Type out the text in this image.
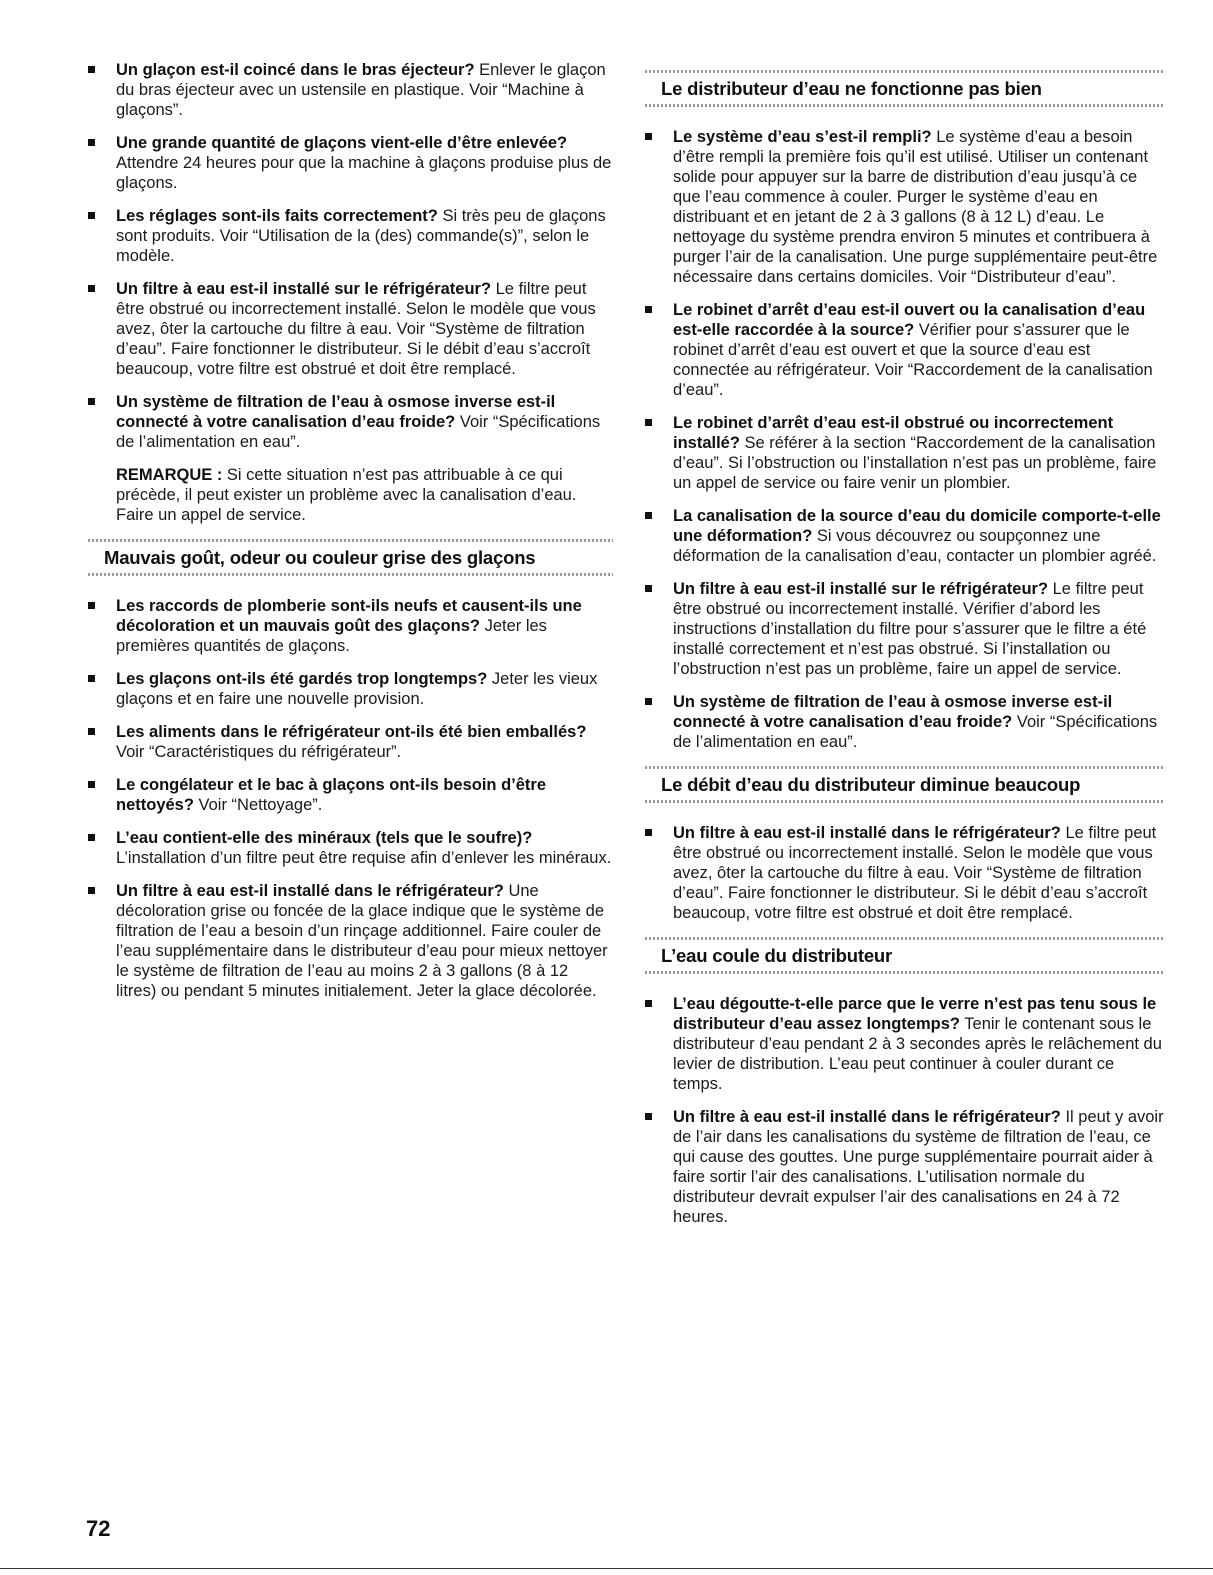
Un glaçon est-il coincé dans le bras éjecteur? Enlever le glaçon du bras éjecteur avec un ustensile en plastique. Voir “Machine à glaçons”.
Une grande quantité de glaçons vient-elle d’être enlevée? Attendre 24 heures pour que la machine à glaçons produise plus de glaçons.
Les réglages sont-ils faits correctement? Si très peu de glaçons sont produits. Voir “Utilisation de la (des) commande(s)”, selon le modèle.
Un filtre à eau est-il installé sur le réfrigérateur? Le filtre peut être obstrué ou incorrectement installé. Selon le modèle que vous avez, ôter la cartouche du filtre à eau. Voir “Système de filtration d’eau”. Faire fonctionner le distributeur. Si le débit d’eau s’accroît beaucoup, votre filtre est obstrué et doit être remplacé.
Un système de filtration de l’eau à osmose inverse est-il connecté à votre canalisation d’eau froide? Voir “Spécifications de l’alimentation en eau”.
REMARQUE : Si cette situation n’est pas attribuable à ce qui précède, il peut exister un problème avec la canalisation d’eau. Faire un appel de service.
Mauvais goût, odeur ou couleur grise des glaçons
Les raccords de plomberie sont-ils neufs et causent-ils une décoloration et un mauvais goût des glaçons? Jeter les premières quantités de glaçons.
Les glaçons ont-ils été gardés trop longtemps? Jeter les vieux glaçons et en faire une nouvelle provision.
Les aliments dans le réfrigérateur ont-ils été bien emballés? Voir “Caractéristiques du réfrigérateur”.
Le congélateur et le bac à glaçons ont-ils besoin d’être nettoyés? Voir “Nettoyage”.
L’eau contient-elle des minéraux (tels que le soufre)? L’installation d’un filtre peut être requise afin d’enlever les minéraux.
Un filtre à eau est-il installé dans le réfrigérateur? Une décoloration grise ou foncée de la glace indique que le système de filtration de l’eau a besoin d’un rinçage additionnel. Faire couler de l’eau supplémentaire dans le distributeur d’eau pour mieux nettoyer le système de filtration de l’eau au moins 2 à 3 gallons (8 à 12 litres) ou pendant 5 minutes initialement. Jeter la glace décolorée.
Le distributeur d’eau ne fonctionne pas bien
Le système d’eau s’est-il rempli? Le système d’eau a besoin d’être rempli la première fois qu’il est utilisé. Utiliser un contenant solide pour appuyer sur la barre de distribution d’eau jusqu’à ce que l’eau commence à couler. Purger le système d’eau en distribuant et en jetant de 2 à 3 gallons (8 à 12 L) d’eau. Le nettoyage du système prendra environ 5 minutes et contribuera à purger l’air de la canalisation. Une purge supplémentaire peut-être nécessaire dans certains domiciles. Voir “Distributeur d’eau”.
Le robinet d’arrêt d’eau est-il ouvert ou la canalisation d’eau est-elle raccordée à la source? Vérifier pour s’assurer que le robinet d’arrêt d’eau est ouvert et que la source d’eau est connectée au réfrigérateur. Voir “Raccordement de la canalisation d’eau”.
Le robinet d’arrêt d’eau est-il obstrué ou incorrectement installé? Se référer à la section “Raccordement de la canalisation d’eau”. Si l’obstruction ou l’installation n’est pas un problème, faire un appel de service ou faire venir un plombier.
La canalisation de la source d’eau du domicile comporte-t-elle une déformation? Si vous découvrez ou soupçonnez une déformation de la canalisation d’eau, contacter un plombier agréé.
Un filtre à eau est-il installé sur le réfrigérateur? Le filtre peut être obstrué ou incorrectement installé. Vérifier d’abord les instructions d’installation du filtre pour s’assurer que le filtre a été installé correctement et n’est pas obstrué. Si l’installation ou l’obstruction n’est pas un problème, faire un appel de service.
Un système de filtration de l’eau à osmose inverse est-il connecté à votre canalisation d’eau froide? Voir “Spécifications de l’alimentation en eau”.
Le débit d’eau du distributeur diminue beaucoup
Un filtre à eau est-il installé dans le réfrigérateur? Le filtre peut être obstrué ou incorrectement installé. Selon le modèle que vous avez, ôter la cartouche du filtre à eau. Voir “Système de filtration d’eau”. Faire fonctionner le distributeur. Si le débit d’eau s’accroît beaucoup, votre filtre est obstrué et doit être remplacé.
L’eau coule du distributeur
L’eau dégoutte-t-elle parce que le verre n’est pas tenu sous le distributeur d’eau assez longtemps? Tenir le contenant sous le distributeur d’eau pendant 2 à 3 secondes après le relâchement du levier de distribution. L’eau peut continuer à couler durant ce temps.
Un filtre à eau est-il installé dans le réfrigérateur? Il peut y avoir de l’air dans les canalisations du système de filtration de l’eau, ce qui cause des gouttes. Une purge supplémentaire pourrait aider à faire sortir l’air des canalisations. L’utilisation normale du distributeur devrait expulser l’air des canalisations en 24 à 72 heures.
72
